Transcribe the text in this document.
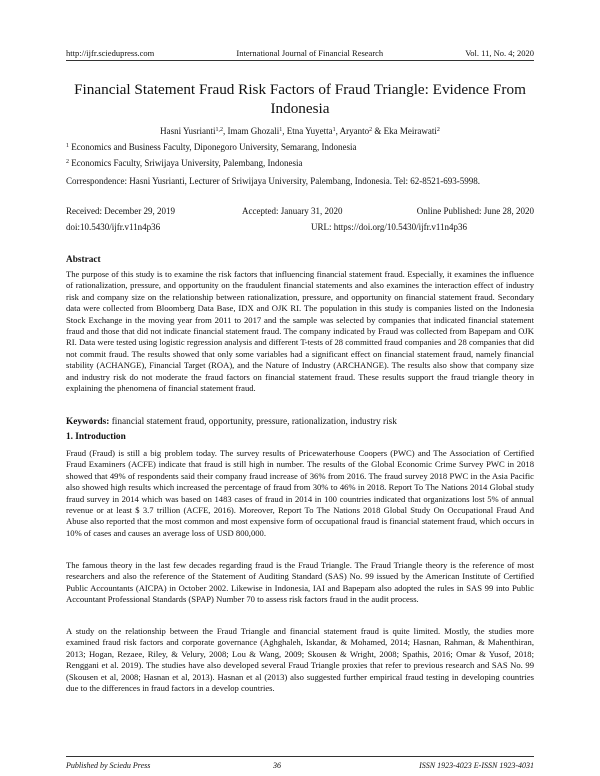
http://ijfr.sciedupress.com	International Journal of Financial Research	Vol. 11, No. 4; 2020
Financial Statement Fraud Risk Factors of Fraud Triangle: Evidence From Indonesia
Hasni Yusrianti$^{1,2}$, Imam Ghozali$^1$, Etna Yuyetta$^1$, Aryanto$^2$ & Eka Meirawati$^2$
$^1$ Economics and Business Faculty, Diponegoro University, Semarang, Indonesia
$^2$ Economics Faculty, Sriwijaya University, Palembang, Indonesia
Correspondence: Hasni Yusrianti, Lecturer of Sriwijaya University, Palembang, Indonesia. Tel: 62-8521-693-5998.
Received: December 29, 2019	Accepted: January 31, 2020	Online Published: June 28, 2020
doi:10.5430/ijfr.v11n4p36	URL: https://doi.org/10.5430/ijfr.v11n4p36
Abstract
The purpose of this study is to examine the risk factors that influencing financial statement fraud. Especially, it examines the influence of rationalization, pressure, and opportunity on the fraudulent financial statements and also examines the interaction effect of industry risk and company size on the relationship between rationalization, pressure, and opportunity on financial statement fraud. Secondary data were collected from Bloomberg Data Base, IDX and OJK RI. The population in this study is companies listed on the Indonesia Stock Exchange in the moving year from 2011 to 2017 and the sample was selected by companies that indicated financial statement fraud and those that did not indicate financial statement fraud. The company indicated by Fraud was collected from Bapepam and OJK RI. Data were tested using logistic regression analysis and different T-tests of 28 committed fraud companies and 28 companies that did not commit fraud. The results showed that only some variables had a significant effect on financial statement fraud, namely financial stability (ACHANGE), Financial Target (ROA), and the Nature of Industry (ARCHANGE). The results also show that company size and industry risk do not moderate the fraud factors on financial statement fraud. These results support the fraud triangle theory in explaining the phenomena of financial statement fraud.
Keywords: financial statement fraud, opportunity, pressure, rationalization, industry risk
1. Introduction
Fraud (Fraud) is still a big problem today. The survey results of Pricewaterhouse Coopers (PWC) and The Association of Certified Fraud Examiners (ACFE) indicate that fraud is still high in number. The results of the Global Economic Crime Survey PWC in 2018 showed that 49% of respondents said their company fraud increase of 36% from 2016. The fraud survey 2018 PWC in the Asia Pacific also showed high results which increased the percentage of fraud from 30% to 46% in 2018. Report To The Nations 2014 Global study fraud survey in 2014 which was based on 1483 cases of fraud in 2014 in 100 countries indicated that organizations lost 5% of annual revenue or at least $ 3.7 trillion (ACFE, 2016). Moreover, Report To The Nations 2018 Global Study On Occupational Fraud And Abuse also reported that the most common and most expensive form of occupational fraud is financial statement fraud, which occurs in 10% of cases and causes an average loss of USD 800,000.
The famous theory in the last few decades regarding fraud is the Fraud Triangle. The Fraud Triangle theory is the reference of most researchers and also the reference of the Statement of Auditing Standard (SAS) No. 99 issued by the American Institute of Certified Public Accountants (AICPA) in October 2002. Likewise in Indonesia, IAI and Bapepam also adopted the rules in SAS 99 into Public Accountant Professional Standards (SPAP) Number 70 to assess risk factors fraud in the audit process.
A study on the relationship between the Fraud Triangle and financial statement fraud is quite limited. Mostly, the studies more examined fraud risk factors and corporate governance (Aghghaleh, Iskandar, & Mohamed, 2014; Hasnan, Rahman, & Mahenthiran, 2013; Hogan, Rezaee, Riley, & Velury, 2008; Lou & Wang, 2009; Skousen & Wright, 2008; Spathis, 2016; Omar & Yusof, 2018; Renggani et al. 2019). The studies have also developed several Fraud Triangle proxies that refer to previous research and SAS No. 99 (Skousen et al, 2008; Hasnan et al, 2013). Hasnan et al (2013) also suggested further empirical fraud testing in developing countries due to the differences in fraud factors in a develop countries.
Published by Sciedu Press	36	ISSN 1923-4023 E-ISSN 1923-4031
